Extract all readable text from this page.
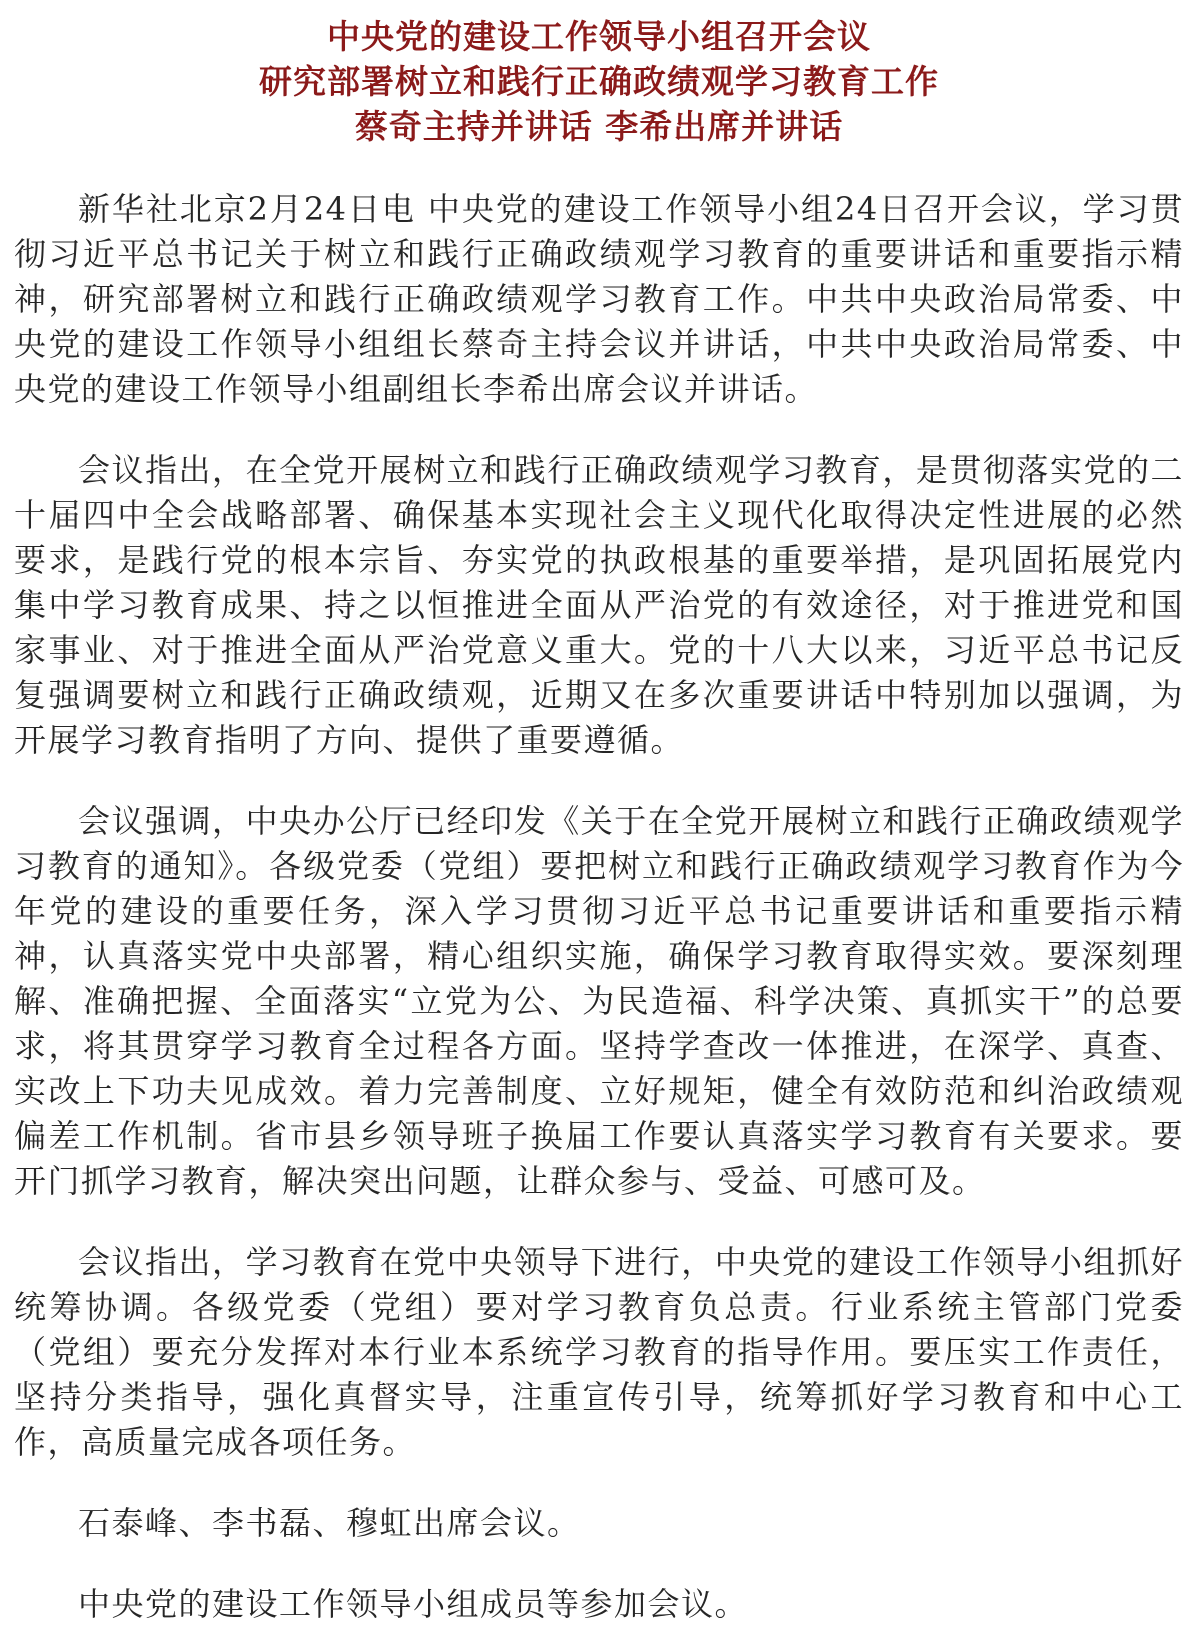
中央党的建设工作领导小组召开会议
研究部署树立和践行正确政绩观学习教育工作
蔡奇主持并讲话 李希出席并讲话

新华社北京2月24日电 中央党的建设工作领导小组24日召开会议，学习贯彻习近平总书记关于树立和践行正确政绩观学习教育的重要讲话和重要指示精神，研究部署树立和践行正确政绩观学习教育工作。中共中央政治局常委、中央党的建设工作领导小组组长蔡奇主持会议并讲话，中共中央政治局常委、中央党的建设工作领导小组副组长李希出席会议并讲话。

会议指出，在全党开展树立和践行正确政绩观学习教育，是贯彻落实党的二十届四中全会战略部署、确保基本实现社会主义现代化取得决定性进展的必然要求，是践行党的根本宗旨、夯实党的执政根基的重要举措，是巩固拓展党内集中学习教育成果、持之以恒推进全面从严治党的有效途径，对于推进党和国家事业、对于推进全面从严治党意义重大。党的十八大以来，习近平总书记反复强调要树立和践行正确政绩观，近期又在多次重要讲话中特别加以强调，为开展学习教育指明了方向、提供了重要遵循。

会议强调，中央办公厅已经印发《关于在全党开展树立和践行正确政绩观学习教育的通知》。各级党委（党组）要把树立和践行正确政绩观学习教育作为今年党的建设的重要任务，深入学习贯彻习近平总书记重要讲话和重要指示精神，认真落实党中央部署，精心组织实施，确保学习教育取得实效。要深刻理解、准确把握、全面落实“立党为公、为民造福、科学决策、真抓实干”的总要求，将其贯穿学习教育全过程各方面。坚持学查改一体推进，在深学、真查、实改上下功夫见成效。着力完善制度、立好规矩，健全有效防范和纠治政绩观偏差工作机制。省市县乡领导班子换届工作要认真落实学习教育有关要求。要开门抓学习教育，解决突出问题，让群众参与、受益、可感可及。

会议指出，学习教育在党中央领导下进行，中央党的建设工作领导小组抓好统筹协调。各级党委（党组）要对学习教育负总责。行业系统主管部门党委（党组）要充分发挥对本行业本系统学习教育的指导作用。要压实工作责任，坚持分类指导，强化真督实导，注重宣传引导，统筹抓好学习教育和中心工作，高质量完成各项任务。

石泰峰、李书磊、穆虹出席会议。

中央党的建设工作领导小组成员等参加会议。
